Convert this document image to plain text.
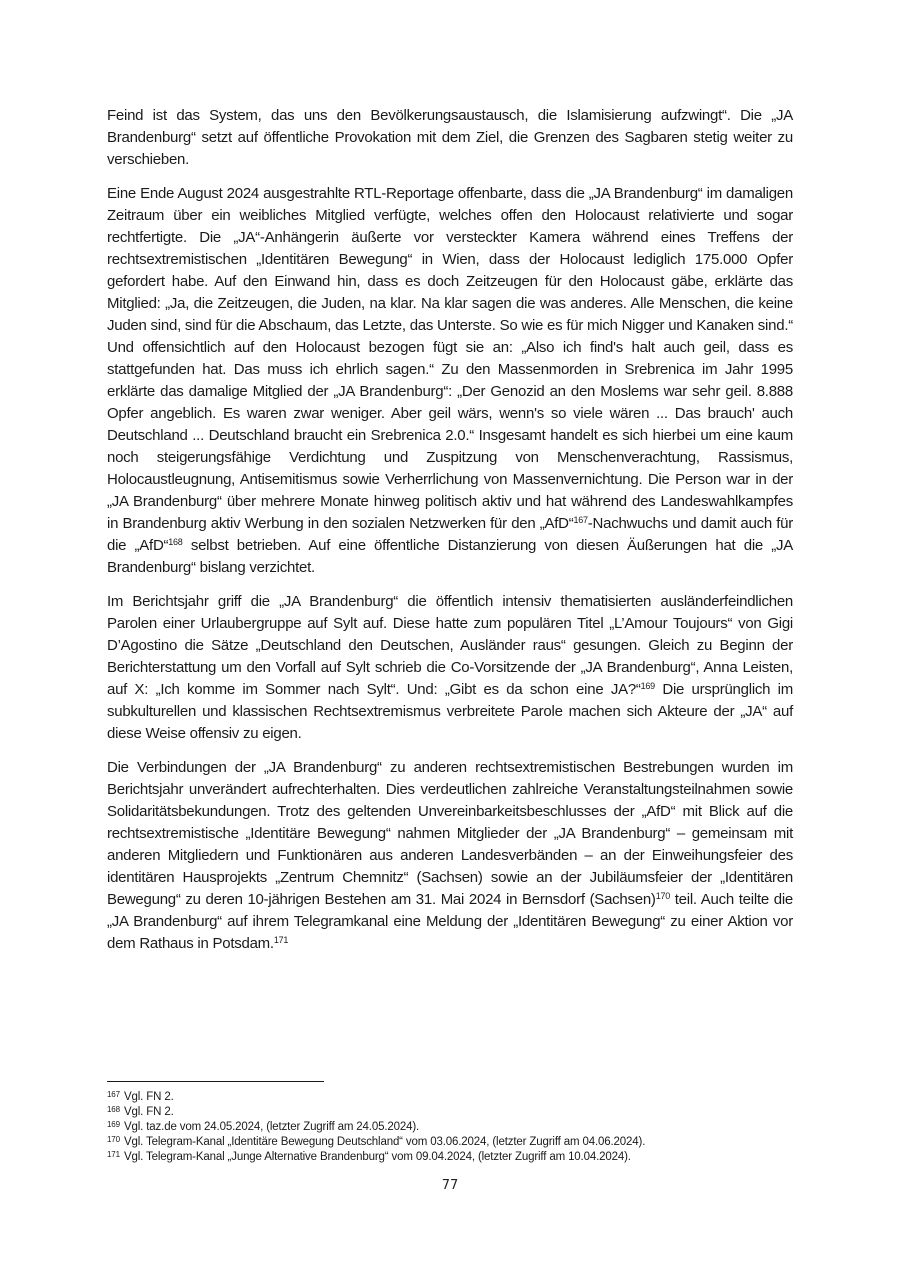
Feind ist das System, das uns den Bevölkerungsaustausch, die Islamisierung aufzwingt“. Die „JA Brandenburg“ setzt auf öffentliche Provokation mit dem Ziel, die Grenzen des Sagbaren stetig weiter zu verschieben.

Eine Ende August 2024 ausgestrahlte RTL-Reportage offenbarte, dass die „JA Brandenburg“ im damaligen Zeitraum über ein weibliches Mitglied verfügte, welches offen den Holocaust relativierte und sogar rechtfertigte. Die „JA“-Anhängerin äußerte vor versteckter Kamera während eines Treffens der rechtsextremistischen „Identitären Bewegung“ in Wien, dass der Holocaust lediglich 175.000 Opfer gefordert habe. Auf den Einwand hin, dass es doch Zeitzeugen für den Holocaust gäbe, erklärte das Mitglied: „Ja, die Zeitzeugen, die Juden, na klar. Na klar sagen die was anderes. Alle Menschen, die keine Juden sind, sind für die Abschaum, das Letzte, das Unterste. So wie es für mich Nigger und Kanaken sind.“ Und offensichtlich auf den Holocaust bezogen fügt sie an: „Also ich find's halt auch geil, dass es stattgefunden hat. Das muss ich ehrlich sagen.“ Zu den Massenmorden in Srebrenica im Jahr 1995 erklärte das damalige Mitglied der „JA Brandenburg“: „Der Genozid an den Moslems war sehr geil. 8.888 Opfer angeblich. Es waren zwar weniger. Aber geil wärs, wenn's so viele wären ... Das brauch' auch Deutschland ... Deutschland braucht ein Srebrenica 2.0.“ Insgesamt handelt es sich hierbei um eine kaum noch steigerungsfähige Verdichtung und Zuspitzung von Menschenverachtung, Rassismus, Holocaustleugnung, Antisemitismus sowie Verherrlichung von Massenvernichtung. Die Person war in der „JA Brandenburg“ über mehrere Monate hinweg politisch aktiv und hat während des Landeswahlkampfes in Brandenburg aktiv Werbung in den sozialen Netzwerken für den „AfD“$^{167}$-Nachwuchs und damit auch für die „AfD“$^{168}$ selbst betrieben. Auf eine öffentliche Distanzierung von diesen Äußerungen hat die „JA Brandenburg“ bislang verzichtet.

Im Berichtsjahr griff die „JA Brandenburg“ die öffentlich intensiv thematisierten ausländerfeindlichen Parolen einer Urlaubergruppe auf Sylt auf. Diese hatte zum populären Titel „L’Amour Toujours“ von Gigi D’Agostino die Sätze „Deutschland den Deutschen, Ausländer raus“ gesungen. Gleich zu Beginn der Berichterstattung um den Vorfall auf Sylt schrieb die Co-Vorsitzende der „JA Brandenburg“, Anna Leisten, auf X: „Ich komme im Sommer nach Sylt“. Und: „Gibt es da schon eine JA?“$^{169}$ Die ursprünglich im subkulturellen und klassischen Rechtsextremismus verbreitete Parole machen sich Akteure der „JA“ auf diese Weise offensiv zu eigen.

Die Verbindungen der „JA Brandenburg“ zu anderen rechtsextremistischen Bestrebungen wurden im Berichtsjahr unverändert aufrechterhalten. Dies verdeutlichen zahlreiche Veranstaltungsteilnahmen sowie Solidaritätsbekundungen. Trotz des geltenden Unvereinbarkeitsbeschlusses der „AfD“ mit Blick auf die rechtsextremistische „Identitäre Bewegung“ nahmen Mitglieder der „JA Brandenburg“ – gemeinsam mit anderen Mitgliedern und Funktionären aus anderen Landesverbänden – an der Einweihungsfeier des identitären Hausprojekts „Zentrum Chemnitz“ (Sachsen) sowie an der Jubiläumsfeier der „Identitären Bewegung“ zu deren 10-jährigen Bestehen am 31. Mai 2024 in Bernsdorf (Sachsen)$^{170}$ teil. Auch teilte die „JA Brandenburg“ auf ihrem Telegramkanal eine Meldung der „Identitären Bewegung“ zu einer Aktion vor dem Rathaus in Potsdam.$^{171}$

167 Vgl. FN 2.
168 Vgl. FN 2.
169 Vgl. taz.de vom 24.05.2024, (letzter Zugriff am 24.05.2024).
170 Vgl. Telegram-Kanal „Identitäre Bewegung Deutschland“ vom 03.06.2024, (letzter Zugriff am 04.06.2024).
171 Vgl. Telegram-Kanal „Junge Alternative Brandenburg“ vom 09.04.2024, (letzter Zugriff am 10.04.2024).
77
